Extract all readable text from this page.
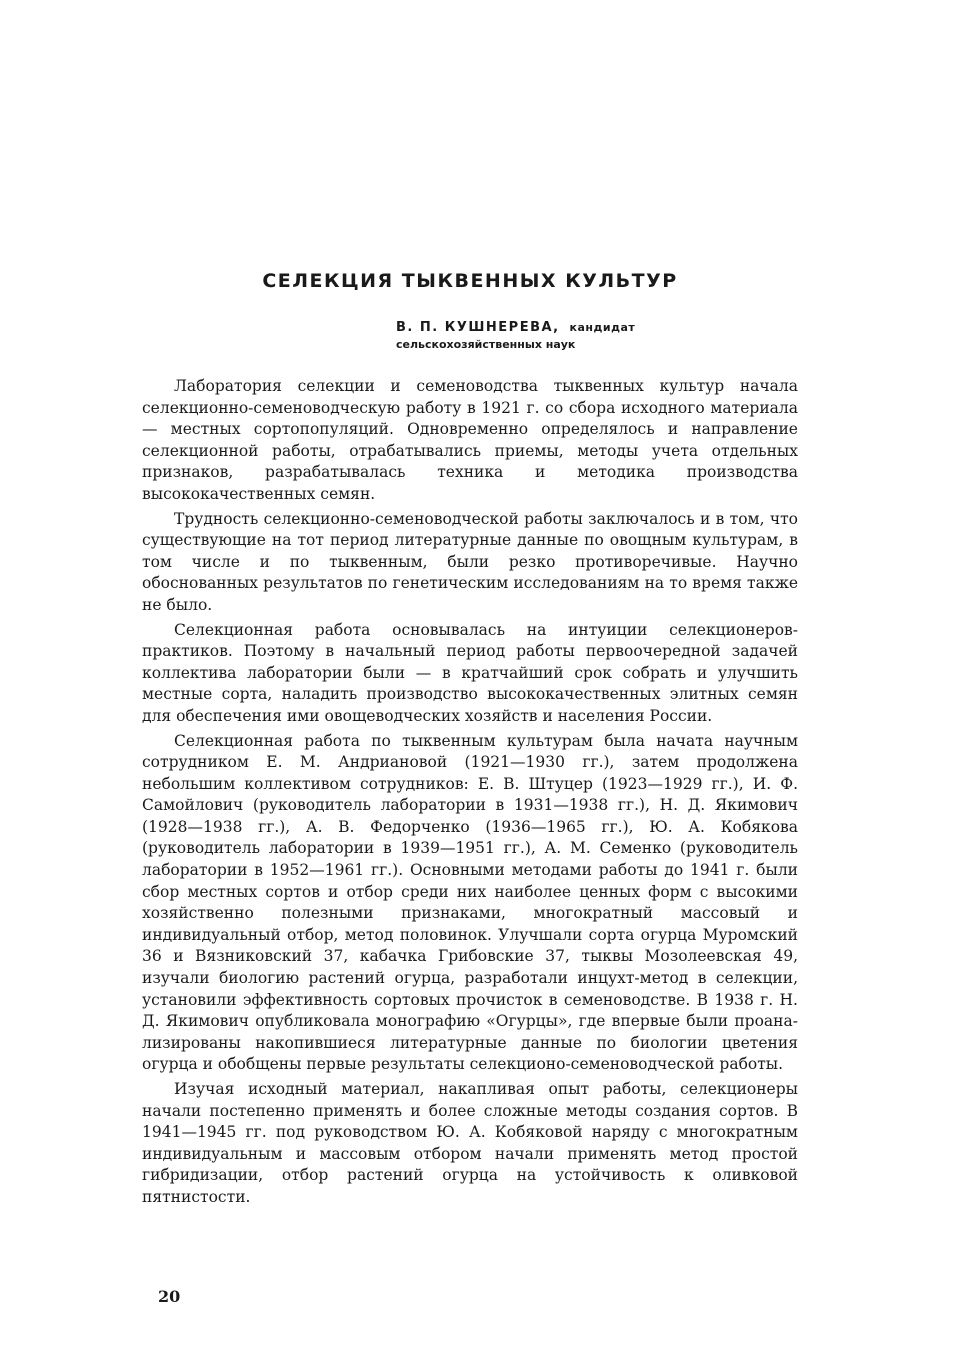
СЕЛЕКЦИЯ ТЫКВЕННЫХ КУЛЬТУР
В. П. КУШНЕРЕВА, кандидат
сельскохозяйственных наук

Лаборатория селекции и семеноводства тыквенных культур начала селекционно-семеноводческую работу в 1921 г. со сбора исходного материала — местных сортопопуляций. Одновременно определялось и направление селекционной работы, отрабатывались приемы, методы учета отдельных признаков, разрабатывалась техника и методика производства высококачественных семян.

Трудность селекционно-семеноводческой работы заключалось и в том, что существующие на тот период литературные данные по овощным культурам, в том числе и по тыквенным, были резко противоречивые. Научно обоснованных результатов по генетическим исследованиям на то время также не было.

Селекционная работа основывалась на интуиции селекционеров-практиков. Поэтому в начальный период работы первоочередной задачей коллектива лаборатории были — в кратчайший срок собрать и улучшить местные сорта, наладить производство высококачественных элитных семян для обеспечения ими овощеводческих хозяйств и населения России.

Селекционная работа по тыквенным культурам была начата научным сотрудником Е. М. Андриановой (1921—1930 гг.), затем продолжена небольшим коллективом сотрудников: Е. В. Штуцер (1923—1929 гг.), И. Ф. Самойлович (руководитель лаборатории в 1931—1938 гг.), Н. Д. Якимович (1928—1938 гг.), А. В. Федорченко (1936—1965 гг.), Ю. А. Кобякова (руководитель лаборатории в 1939—1951 гг.), А. М. Семенко (руководитель лаборатории в 1952—1961 гг.). Основными методами работы до 1941 г. были сбор местных сортов и отбор среди них наиболее ценных форм с высокими хозяйственно полезными признаками, многократный массовый и индивидуальный отбор, метод половинок. Улучшали сорта огурца Муромский 36 и Вязниковский 37, кабачка Грибовские 37, тыквы Мозолеевская 49, изучали биологию растений огурца, разработали инцухт-метод в селекции, установили эффективность сортовых прочисток в семеноводстве. В 1938 г. Н. Д. Якимович опубликовала монографию «Огурцы», где впервые были проанализированы накопившиеся литературные данные по биологии цветения огурца и обобщены первые результаты селекционо-семеноводческой работы.

Изучая исходный материал, накапливая опыт работы, селекционеры начали постепенно применять и более сложные методы создания сортов. В 1941—1945 гг. под руководством Ю. А. Кобяковой наряду с многократным индивидуальным и массовым отбором начали применять метод простой гибридизации, отбор растений огурца на устойчивость к оливковой пятнистости.

20
